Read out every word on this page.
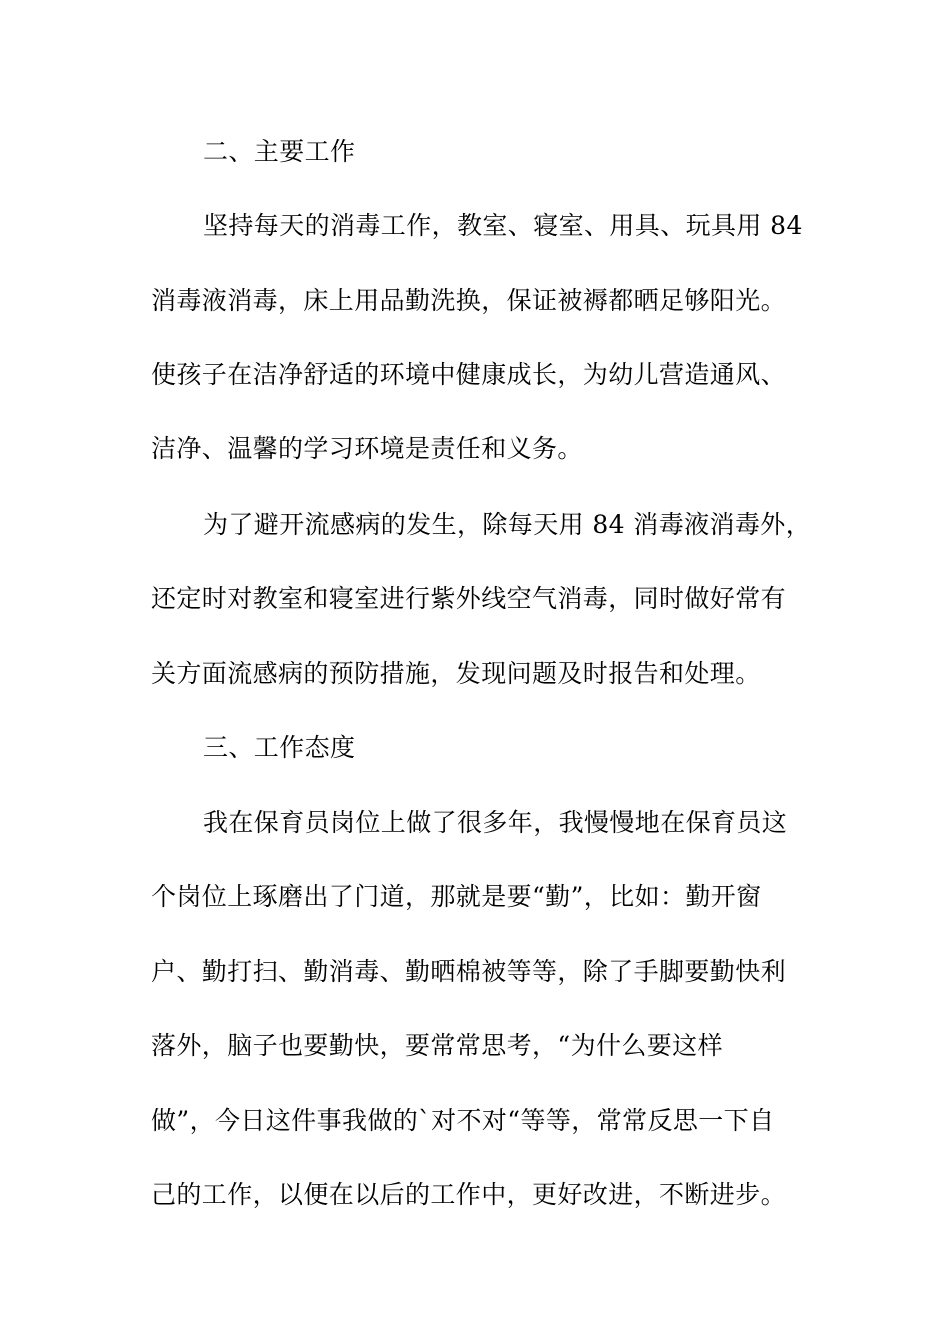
二、主要工作
坚持每天的消毒工作，教室、寝室、用具、玩具用 84
消毒液消毒，床上用品勤洗换，保证被褥都晒足够阳光。
使孩子在洁净舒适的环境中健康成长，为幼儿营造通风、
洁净、温馨的学习环境是责任和义务。
为了避开流感病的发生，除每天用 84 消毒液消毒外，
还定时对教室和寝室进行紫外线空气消毒，同时做好常有
关方面流感病的预防措施，发现问题及时报告和处理。
三、工作态度
我在保育员岗位上做了很多年，我慢慢地在保育员这
个岗位上琢磨出了门道，那就是要“勤”，比如：勤开窗
户、勤打扫、勤消毒、勤晒棉被等等，除了手脚要勤快利
落外，脑子也要勤快，要常常思考，“为什么要这样
做”，今日这件事我做的`对不对“等等，常常反思一下自
己的工作，以便在以后的工作中，更好改进，不断进步。
